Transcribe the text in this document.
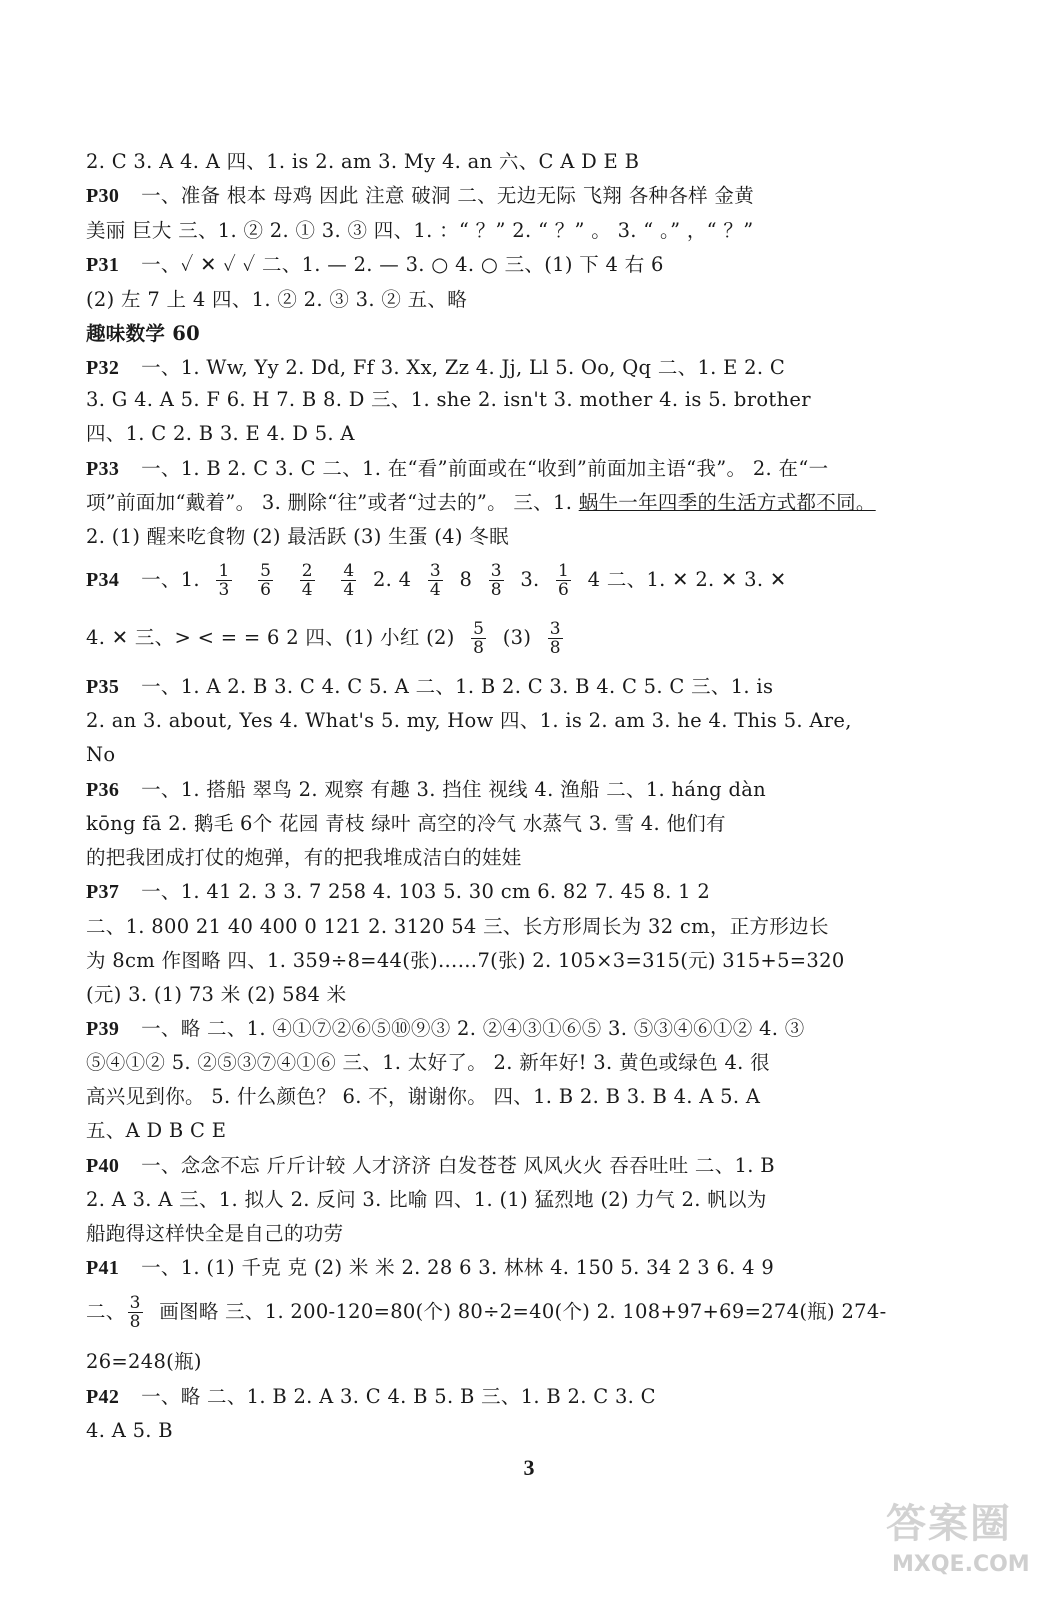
2. C 3. A 4. A 四、1. is 2. am 3. My 4. an 六、C A D E B
P30 一、准备 根本 母鸡 因此 注意 破洞 二、无边无际 飞翔 各种各样 金黄
美丽 巨大 三、1. ② 2. ① 3. ③ 四、1. ：“ ？” 2. “ ？” 。 3. “ 。” ，“ ？”
P31 一、✓ ✕ ✓ ✓ 二、1. — 2. — 3. ○ 4. ○ 三、(1) 下 4 右 6
(2) 左 7 上 4 四、1. ② 2. ③ 3. ② 五、略
趣味数学 60
P32 一、1. Ww, Yy 2. Dd, Ff 3. Xx, Zz 4. Jj, Ll 5. Oo, Qq 二、1. E 2. C
3. G 4. A 5. F 6. H 7. B 8. D 三、1. she 2. isn't 3. mother 4. is 5. brother
四、1. C 2. B 3. E 4. D 5. A
P33 一、1. B 2. C 3. C 二、1. 在“看”前面或在“收到”前面加主语“我”。 2. 在“一
项”前面加“戴着”。 3. 删除“往”或者“过去的”。 三、1. 蜗牛一年四季的生活方式都不同。
2. (1) 醒来吃食物 (2) 最活跃 (3) 生蛋 (4) 冬眠
P34 一、1. $\frac{1}{3}$
$\frac{5}{6}$
$\frac{2}{4}$
$\frac{4}{4} 2$. $4 \frac{3}{4} 8 \frac{3}{8} 3$. $\frac{1}{6} 4$ 二、1. ✕ 2. ✕ 3. ✕
4. ✕ 三、> < = = 6 2 四、(1) 小红 $(2) \frac{5}{8} (3) \frac{3}{8}$
P35 一、1. A 2. B 3. C 4. C 5. A 二、1. B 2. C 3. B 4. C 5. C 三、1. is
2. an 3. about, Yes 4. What's 5. my, How 四、1. is 2. am 3. he 4. This 5. Are,
No
P36 一、1. 搭船 翠鸟 2. 观察 有趣 3. 挡住 视线 4. 渔船 二、1. háng dàn
kōng fā 2. 鹅毛 6个 花园 青枝 绿叶 高空的冷气 水蒸气 3. 雪 4. 他们有
的把我团成打仗的炮弹，有的把我堆成洁白的娃娃
P37 一、1. 41 2. 3 3. 7 258 4. 103 5. 30 cm 6. 82 7. 45 8. 1 2
二、1. 800 21 40 400 0 121 2. 3120 54 三、长方形周长为 32 cm，正方形边长
为 8cm 作图略 四、1. 359÷8=44(张)……7(张) 2. 105×3=315(元) 315+5=320
(元) 3. (1) 73 米 (2) 584 米
P39 一、略 二、1. ④①⑦②⑥⑤⑩⑨③ 2. ②④③①⑥⑤ 3. ⑤③④⑥①② 4. ③
⑤④①② 5. ②⑤③⑦④①⑥ 三、1. 太好了。 2. 新年好! 3. 黄色或绿色 4. 很
高兴见到你。 5. 什么颜色？ 6. 不，谢谢你。 四、1. B 2. B 3. B 4. A 5. A
五、A D B C E
P40 一、念念不忘 斤斤计较 人才济济 白发苍苍 风风火火 吞吞吐吐 二、1. B
2. A 3. A 三、1. 拟人 2. 反问 3. 比喻 四、1. (1) 猛烈地 (2) 力气 2. 帆以为
船跑得这样快全是自己的功劳
P41 一、1. (1) 千克 克 (2) 米 米 2. 28 6 3. 林林 4. 150 5. 34 2 3 6. 4 9
二、 $\frac{3}{8}$ 画图略 三、1. 200-120=80(个) 80÷2=40(个) 2. 108+97+69=274(瓶) 274-
26=248(瓶)
P42 一、略 二、1. B 2. A 3. C 4. B 5. B 三、1. B 2. C 3. C
4. A 5. B
3
答案圈
MXQE.COM
